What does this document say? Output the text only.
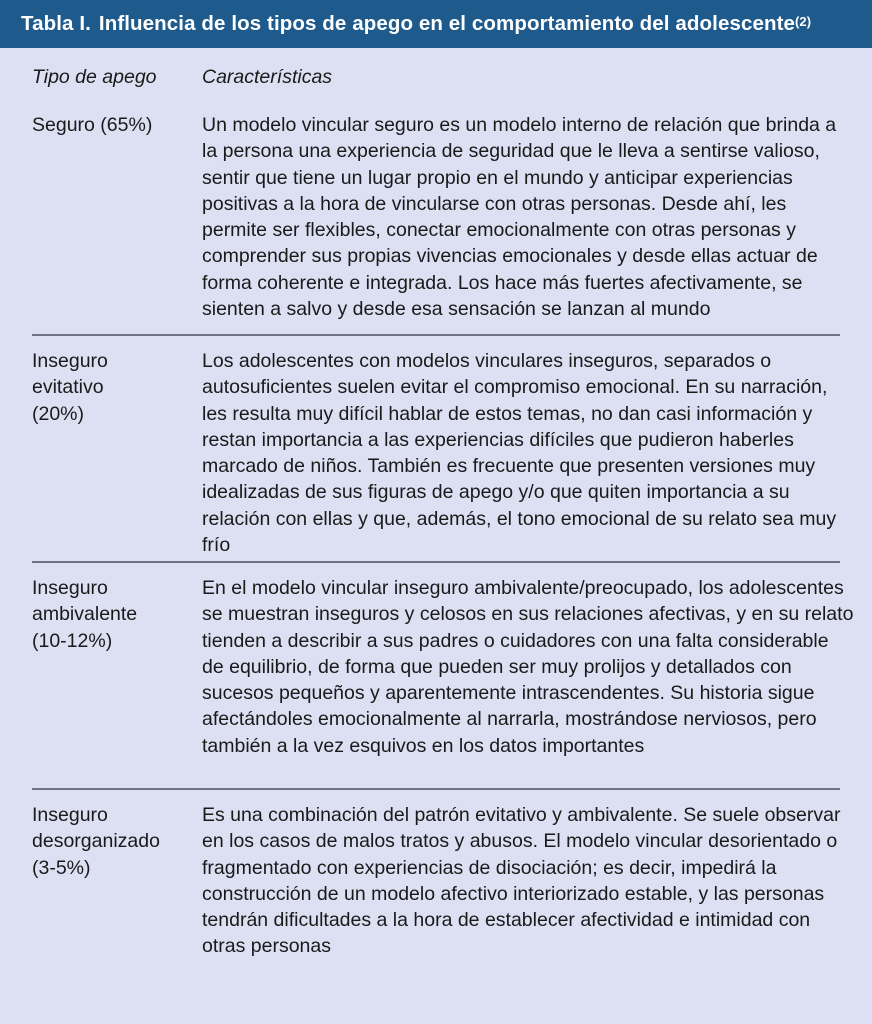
Tabla I. Influencia de los tipos de apego en el comportamiento del adolescente$^{(2)}$
Tipo de apego	Características
Seguro (65%)	Un modelo vincular seguro es un modelo interno de relación que brinda a la persona una experiencia de seguridad que le lleva a sentirse valioso, sentir que tiene un lugar propio en el mundo y anticipar experiencias positivas a la hora de vincularse con otras personas. Desde ahí, les permite ser flexibles, conectar emocionalmente con otras personas y comprender sus propias vivencias emocionales y desde ellas actuar de forma coherente e integrada. Los hace más fuertes afectivamente, se sienten a salvo y desde esa sensación se lanzan al mundo
Inseguro
evitativo
(20%)
Los adolescentes con modelos vinculares inseguros, separados o autosuficientes suelen evitar el compromiso emocional. En su narración, les resulta muy difícil hablar de estos temas, no dan casi información y restan importancia a las experiencias difíciles que pudieron haberles marcado de niños. También es frecuente que presenten versiones muy idealizadas de sus figuras de apego y/o que quiten importancia a su relación con ellas y que, además, el tono emocional de su relato sea muy frío
Inseguro
ambivalente
(10-12%)
En el modelo vincular inseguro ambivalente/preocupado, los adolescentes se muestran inseguros y celosos en sus relaciones afectivas, y en su relato tienden a describir a sus padres o cuidadores con una falta considerable de equilibrio, de forma que pueden ser muy prolijos y detallados con sucesos pequeños y aparentemente intrascendentes. Su historia sigue afectándoles emocionalmente al narrarla, mostrándose nerviosos, pero también a la vez esquivos en los datos importantes
Inseguro
desorganizado
(3-5%)
Es una combinación del patrón evitativo y ambivalente. Se suele observar en los casos de malos tratos y abusos. El modelo vincular desorientado o fragmentado con experiencias de disociación; es decir, impedirá la construcción de un modelo afectivo interiorizado estable, y las personas tendrán dificultades a la hora de establecer afectividad e intimidad con otras personas
